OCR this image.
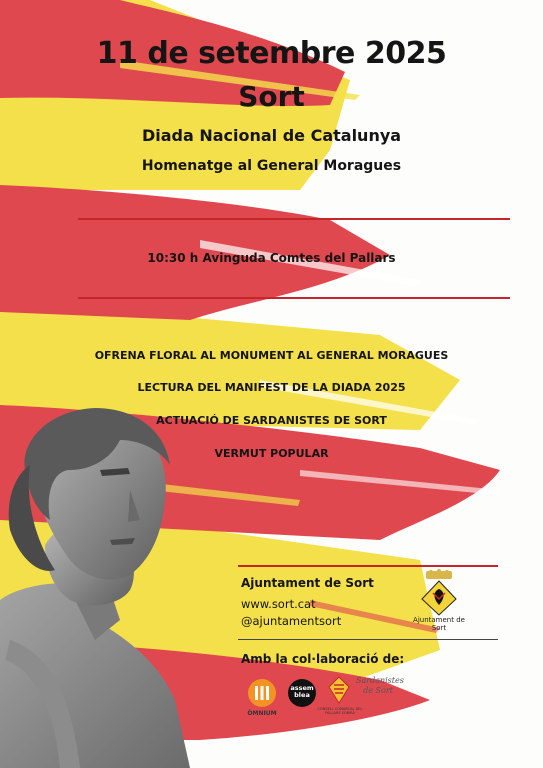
11 de setembre 2025
Sort
Diada Nacional de Catalunya
Homenatge al General Moragues
10:30 h Avinguda Comtes del Pallars
OFRENA FLORAL AL MONUMENT AL GENERAL MORAGUES
LECTURA DEL MANIFEST DE LA DIADA 2025
ACTUACIÓ DE SARDANISTES DE SORT
VERMUT POPULAR
Ajuntament de Sort
www.sort.cat
@ajuntamentsort	Ajuntament de Sort
Amb la col·laboració de:
ÒMNIUM
assem blea
CONSELL COMARCAL DEL PALLARS SOBIRÀ
Sardanistes de Sort
